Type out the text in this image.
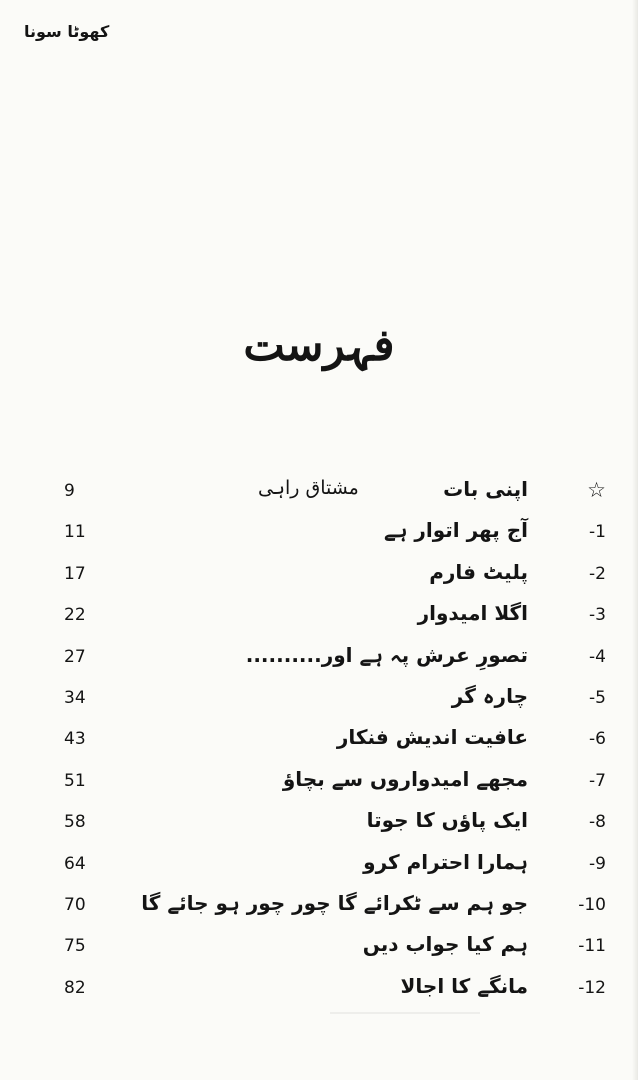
کھوٹا سونا
فہرست
☆
اپنی بات
مشتاق راہی
9
-1
آج پھر اتوار ہے
11
-2
پلیٹ فارم
17
-3
اگلا امیدوار
22
-4
تصورِ عرش پہ ہے اور..........
27
-5
چارہ گر
34
-6
عافیت اندیش فنکار
43
-7
مجھے امیدواروں سے بچاؤ
51
-8
ایک پاؤں کا جوتا
58
-9
ہمارا احترام کرو
64
-10
جو ہم سے ٹکرائے گا چور چور ہو جائے گا
70
-11
ہم کیا جواب دیں
75
-12
مانگے کا اجالا
82
